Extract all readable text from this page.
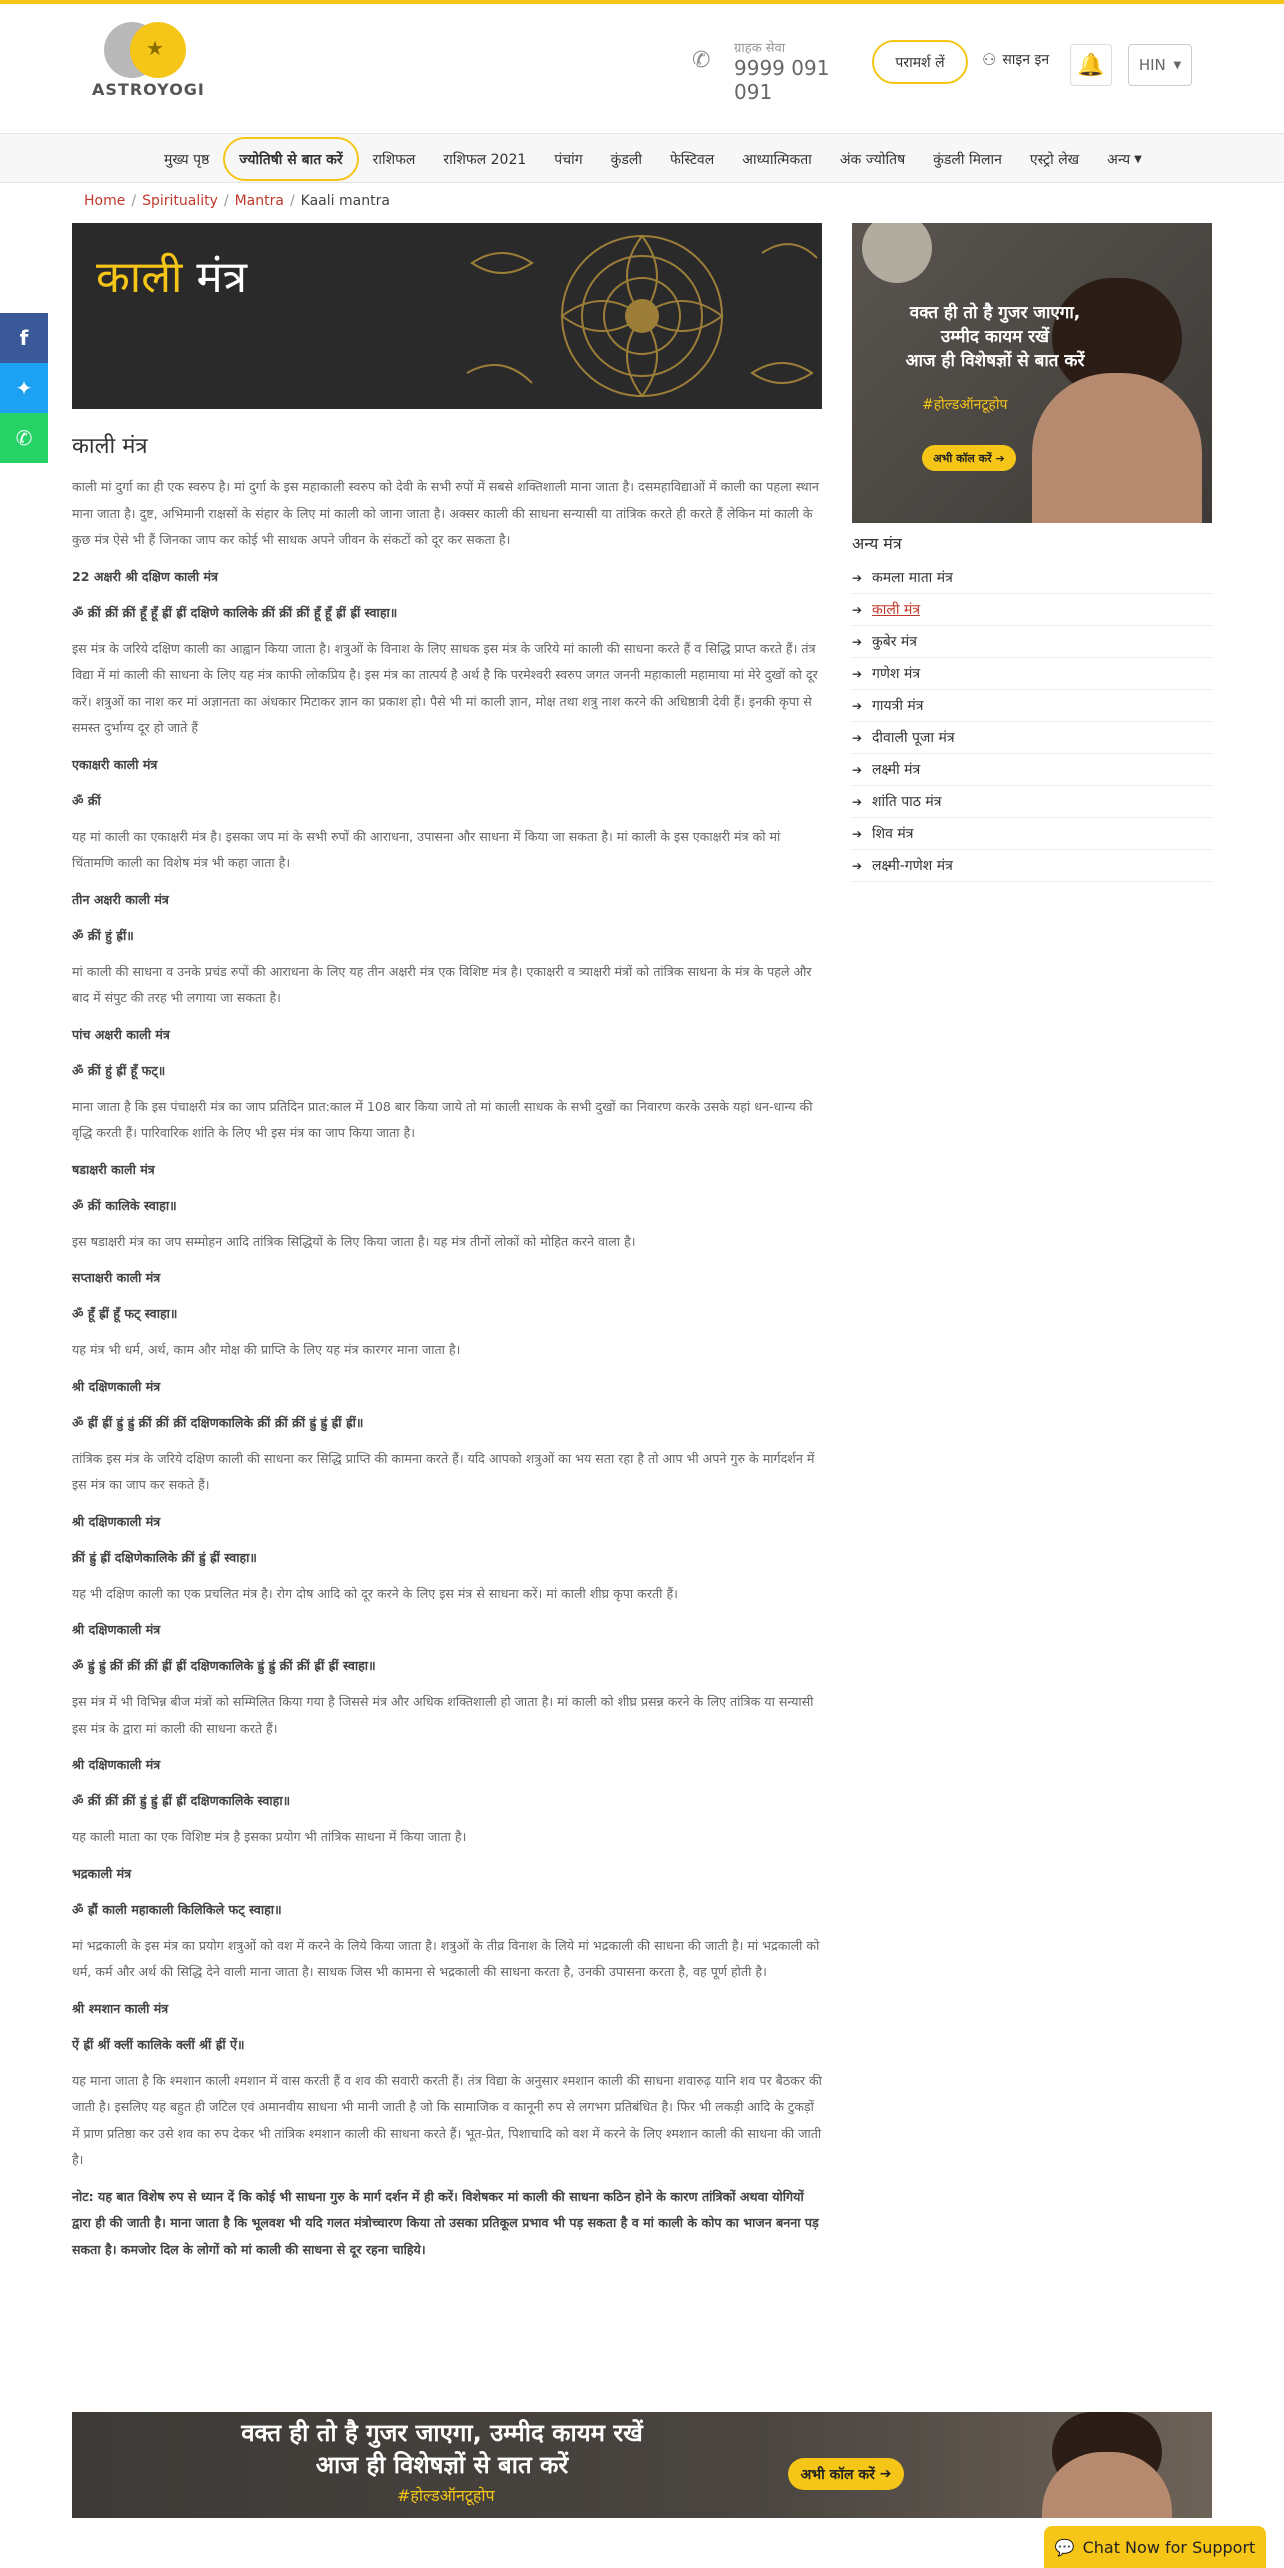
★
ASTROYOGI
✆ ग्राहक सेवा
9999 091 091
परामर्श लें	⚇ साइन इन 🔔 HIN ▼
मुख्य पृष्ठ	ज्योतिषी से बात करें	राशिफल	राशिफल 2021	पंचांग	कुंडली	फेस्टिवल	आध्यात्मिकता	अंक ज्योतिष	कुंडली मिलान	एस्ट्रो लेख	अन्य ▼
Home / Spirituality / Mantra / Kaali mantra
f
✦
✆
काली मंत्र
काली मंत्र

काली मां दुर्गा का ही एक स्वरुप है। मां दुर्गा के इस महाकाली स्वरुप को देवी के सभी रुपों में सबसे शक्तिशाली माना जाता है। दसमहाविद्याओं में काली का पहला स्थान माना जाता है। दुष्ट, अभिमानी राक्षसों के संहार के लिए मां काली को जाना जाता है। अक्सर काली की साधना सन्यासी या तांत्रिक करते ही करते हैं लेकिन मां काली के कुछ मंत्र ऐसे भी हैं जिनका जाप कर कोई भी साधक अपने जीवन के संकटों को दूर कर सकता है।

22 अक्षरी श्री दक्षिण काली मंत्र

ॐ क्रीं क्रीं क्रीं हूँ हूँ ह्रीं ह्रीं दक्षिणे कालिके क्रीं क्रीं क्रीं हूँ हूँ ह्रीं ह्रीं स्वाहा॥

इस मंत्र के जरिये दक्षिण काली का आह्वान किया जाता है। शत्रुओं के विनाश के लिए साधक इस मंत्र के जरिये मां काली की साधना करते हैं व सिद्धि प्राप्त करते हैं। तंत्र विद्या में मां काली की साधना के लिए यह मंत्र काफी लोकप्रिय है। इस मंत्र का तात्पर्य है अर्थ है कि परमेश्वरी स्वरुप जगत जननी महाकाली महामाया मां मेरे दुखों को दूर करें। शत्रुओं का नाश कर मां अज्ञानता का अंधकार मिटाकर ज्ञान का प्रकाश हो। पैसे भी मां काली ज्ञान, मोक्ष तथा शत्रु नाश करने की अधिष्ठात्री देवी हैं। इनकी कृपा से समस्त दुर्भाग्य दूर हो जाते हैं

एकाक्षरी काली मंत्र

ॐ क्रीं

यह मां काली का एकाक्षरी मंत्र है। इसका जप मां के सभी रुपों की आराधना, उपासना और साधना में किया जा सकता है। मां काली के इस एकाक्षरी मंत्र को मां चिंतामणि काली का विशेष मंत्र भी कहा जाता है।

तीन अक्षरी काली मंत्र

ॐ क्रीं हुं ह्रीं॥

मां काली की साधना व उनके प्रचंड रुपों की आराधना के लिए यह तीन अक्षरी मंत्र एक विशिष्ट मंत्र है। एकाक्षरी व त्र्याक्षरी मंत्रों को तांत्रिक साधना के मंत्र के पहले और बाद में संपुट की तरह भी लगाया जा सकता है।

पांच अक्षरी काली मंत्र

ॐ क्रीं हुं ह्रीं हूँ फट्॥

माना जाता है कि इस पंचाक्षरी मंत्र का जाप प्रतिदिन प्रात:काल में 108 बार किया जाये तो मां काली साधक के सभी दुखों का निवारण करके उसके यहां धन-धान्य की वृद्धि करती हैं। पारिवारिक शांति के लिए भी इस मंत्र का जाप किया जाता है।

षडाक्षरी काली मंत्र

ॐ क्रीं कालिके स्वाहा॥

इस षडाक्षरी मंत्र का जप सम्मोहन आदि तांत्रिक सिद्धियों के लिए किया जाता है। यह मंत्र तीनों लोकों को मोहित करने वाला है।

सप्ताक्षरी काली मंत्र

ॐ हूँ ह्रीं हूँ फट् स्वाहा॥

यह मंत्र भी धर्म, अर्थ, काम और मोक्ष की प्राप्ति के लिए यह मंत्र कारगर माना जाता है।

श्री दक्षिणकाली मंत्र

ॐ ह्रीं ह्रीं ह्रुं ह्रुं क्रीं क्रीं क्रीं दक्षिणकालिके क्रीं क्रीं क्रीं ह्रुं ह्रुं ह्रीं ह्रीं॥

तांत्रिक इस मंत्र के जरिये दक्षिण काली की साधना कर सिद्धि प्राप्ति की कामना करते हैं। यदि आपको शत्रुओं का भय सता रहा है तो आप भी अपने गुरु के मार्गदर्शन में इस मंत्र का जाप कर सकते हैं।

श्री दक्षिणकाली मंत्र

क्रीं ह्रुं ह्रीं दक्षिणेकालिके क्रीं ह्रुं ह्रीं स्वाहा॥

यह भी दक्षिण काली का एक प्रचलित मंत्र है। रोग दोष आदि को दूर करने के लिए इस मंत्र से साधना करें। मां काली शीघ्र कृपा करती हैं।

श्री दक्षिणकाली मंत्र

ॐ ह्रुं ह्रुं क्रीं क्रीं क्रीं ह्रीं ह्रीं दक्षिणकालिके ह्रुं ह्रुं क्रीं क्रीं ह्रीं ह्रीं स्वाहा॥

इस मंत्र में भी विभिन्न बीज मंत्रों को सम्मिलित किया गया है जिससे मंत्र और अधिक शक्तिशाली हो जाता है। मां काली को शीघ्र प्रसन्न करने के लिए तांत्रिक या सन्यासी इस मंत्र के द्वारा मां काली की साधना करते हैं।

श्री दक्षिणकाली मंत्र

ॐ क्रीं क्रीं क्रीं ह्रुं ह्रुं ह्रीं ह्रीं दक्षिणकालिके स्वाहा॥

यह काली माता का एक विशिष्ट मंत्र है इसका प्रयोग भी तांत्रिक साधना में किया जाता है।

भद्रकाली मंत्र

ॐ ह्रौं काली महाकाली किलिकिले फट् स्वाहा॥

मां भद्रकाली के इस मंत्र का प्रयोग शत्रुओं को वश में करने के लिये किया जाता है। शत्रुओं के तीव्र विनाश के लिये मां भद्रकाली की साधना की जाती है। मां भद्रकाली को धर्म, कर्म और अर्थ की सिद्धि देने वाली माना जाता है। साधक जिस भी कामना से भद्रकाली की साधना करता है, उनकी उपासना करता है, वह पूर्ण होती है।

श्री श्मशान काली मंत्र

ऐं ह्रीं श्रीं क्लीं कालिके क्लीं श्रीं ह्रीं ऐं॥

यह माना जाता है कि श्मशान काली श्मशान में वास करती हैं व शव की सवारी करती हैं। तंत्र विद्या के अनुसार श्मशान काली की साधना शवारुढ़ यानि शव पर बैठकर की जाती है। इसलिए यह बहुत ही जटिल एवं अमानवीय साधना भी मानी जाती है जो कि सामाजिक व कानूनी रुप से लगभग प्रतिबंधित है। फिर भी लकड़ी आदि के टुकड़ों में प्राण प्रतिष्ठा कर उसे शव का रुप देकर भी तांत्रिक श्मशान काली की साधना करते हैं। भूत-प्रेत, पिशाचादि को वश में करने के लिए श्मशान काली की साधना की जाती है।

नोट: यह बात विशेष रुप से ध्यान दें कि कोई भी साधना गुरु के मार्ग दर्शन में ही करें। विशेषकर मां काली की साधना कठिन होने के कारण तांत्रिकों अथवा योगियों द्वारा ही की जाती है। माना जाता है कि भूलवश भी यदि गलत मंत्रोच्चारण किया तो उसका प्रतिकूल प्रभाव भी पड़ सकता है व मां काली के कोप का भाजन बनना पड़ सकता है। कमजोर दिल के लोगों को मां काली की साधना से दूर रहना चाहिये।

वक्त ही तो है गुजर जाएगा,
उम्मीद कायम रखें
आज ही विशेषज्ञों से बात करें
#होल्डऑनटूहोप
अभी कॉल करें
➔
अन्य मंत्र
➔ कमला माता मंत्र
➔ काली मंत्र
➔ कुबेर मंत्र
➔ गणेश मंत्र
➔ गायत्री मंत्र
➔ दीवाली पूजा मंत्र
➔ लक्ष्मी मंत्र
➔ शांति पाठ मंत्र
➔ शिव मंत्र
➔ लक्ष्मी-गणेश मंत्र
वक्त ही तो है गुजर जाएगा, उम्मीद कायम रखें
आज ही विशेषज्ञों से बात करें
#होल्डऑनटूहोप
अभी कॉल करें
➔
💬 Chat Now for Support
